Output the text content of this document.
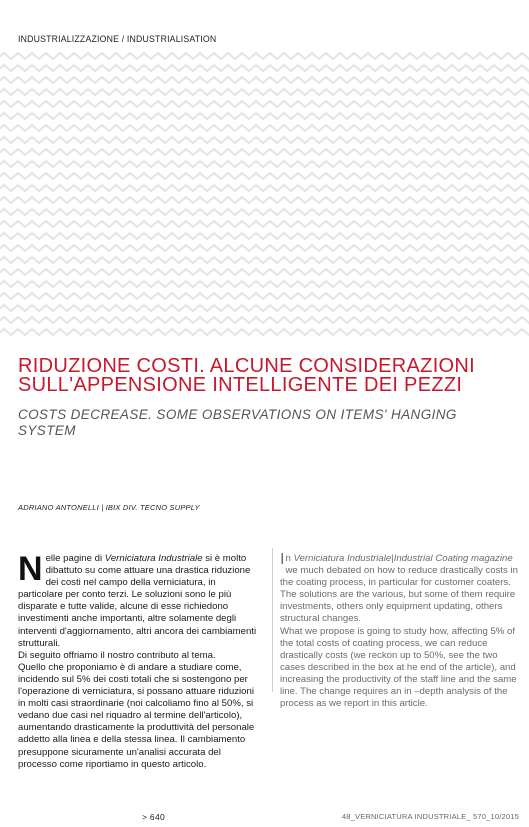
INDUSTRIALIZZAZIONE / INDUSTRIALISATION
RIDUZIONE COSTI. ALCUNE CONSIDERAZIONI
SULL'APPENSIONE INTELLIGENTE DEI PEZZI
COSTS DECREASE. SOME OBSERVATIONS ON ITEMS' HANGING SYSTEM
ADRIANO ANTONELLI | IBIX DIV. TECNO SUPPLY
N elle pagine di Verniciatura Industriale si è molto dibattuto su come attuare una drastica riduzione dei costi nel campo della verniciatura, in particolare per conto terzi. Le soluzioni sono le più disparate e tutte valide, alcune di esse richiedono investimenti anche importanti, altre solamente degli interventi d'aggiornamento, altri ancora dei cambiamenti strutturali.

Di seguito offriamo il nostro contributo al tema.

Quello che proponiamo è di andare a studiare come, incidendo sul 5% dei costi totali che si sostengono per l'operazione di verniciatura, si possano attuare riduzioni in molti casi straordinarie (noi calcoliamo fino al 50%, si vedano due casi nel riquadro al termine dell'articolo), aumentando drasticamente la produttività del personale addetto alla linea e della stessa linea. Il cambiamento presuppone sicuramente un'analisi accurata del processo come riportiamo in questo articolo.

I n Verniciatura Industriale|Industrial Coating magazine we much debated on how to reduce drastically costs in the coating process, in particular for customer coaters. The solutions are the various, but some of them require investments, others only equipment updating, others structural changes.

What we propose is going to study how, affecting 5% of the total costs of coating process, we can reduce drastically costs (we reckon up to 50%, see the two cases described in the box at he end of the article), and increasing the productivity of the staff line and the same line. The change requires an in –depth analysis of the process as we report in this article.

> 640	48_VERNICIATURA INDUSTRIALE_ 570_10/2015
